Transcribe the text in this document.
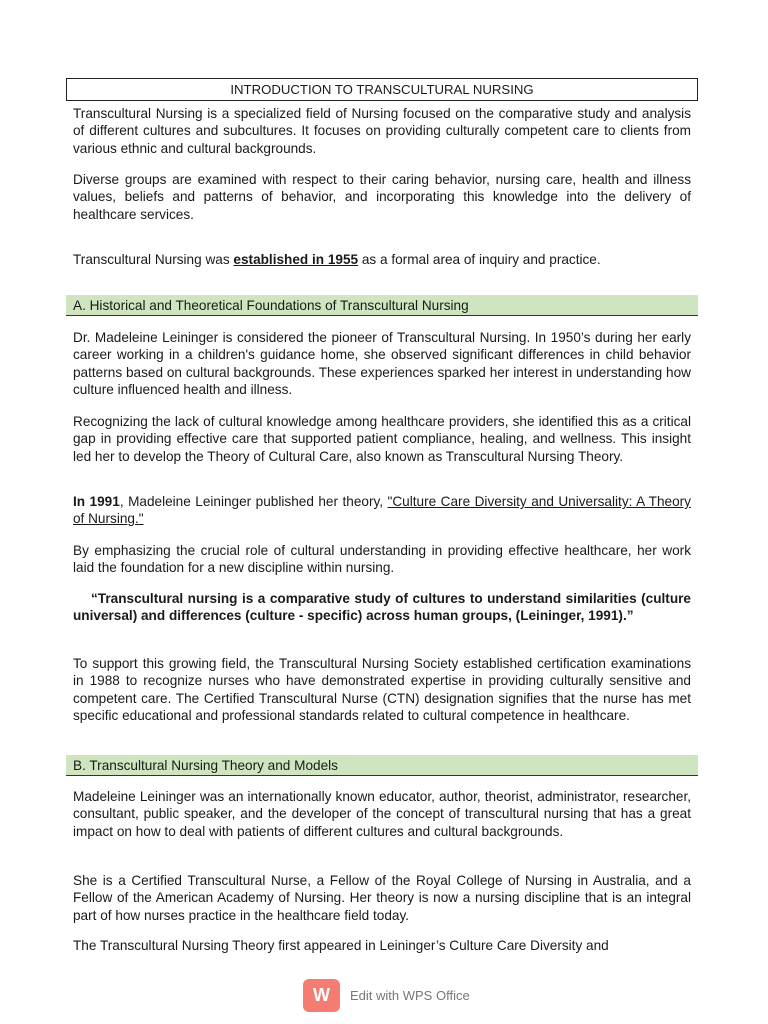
INTRODUCTION TO TRANSCULTURAL NURSING
Transcultural Nursing is a specialized field of Nursing focused on the comparative study and analysis of different cultures and subcultures. It focuses on providing culturally competent care to clients from various ethnic and cultural backgrounds.
Diverse groups are examined with respect to their caring behavior, nursing care, health and illness values, beliefs and patterns of behavior, and incorporating this knowledge into the delivery of healthcare services.
Transcultural Nursing was established in 1955 as a formal area of inquiry and practice.
A. Historical and Theoretical Foundations of Transcultural Nursing
Dr. Madeleine Leininger is considered the pioneer of Transcultural Nursing. In 1950’s during her early career working in a children's guidance home, she observed significant differences in child behavior patterns based on cultural backgrounds. These experiences sparked her interest in understanding how culture influenced health and illness.
Recognizing the lack of cultural knowledge among healthcare providers, she identified this as a critical gap in providing effective care that supported patient compliance, healing, and wellness. This insight led her to develop the Theory of Cultural Care, also known as Transcultural Nursing Theory.
In 1991, Madeleine Leininger published her theory, "Culture Care Diversity and Universality: A Theory of Nursing."
By emphasizing the crucial role of cultural understanding in providing effective healthcare, her work laid the foundation for a new discipline within nursing.
“Transcultural nursing is a comparative study of cultures to understand similarities (culture universal) and differences (culture - specific) across human groups, (Leininger, 1991).”
To support this growing field, the Transcultural Nursing Society established certification examinations in 1988 to recognize nurses who have demonstrated expertise in providing culturally sensitive and competent care. The Certified Transcultural Nurse (CTN) designation signifies that the nurse has met specific educational and professional standards related to cultural competence in healthcare.
B. Transcultural Nursing Theory and Models
Madeleine Leininger was an internationally known educator, author, theorist, administrator, researcher, consultant, public speaker, and the developer of the concept of transcultural nursing that has a great impact on how to deal with patients of different cultures and cultural backgrounds.
She is a Certified Transcultural Nurse, a Fellow of the Royal College of Nursing in Australia, and a Fellow of the American Academy of Nursing. Her theory is now a nursing discipline that is an integral part of how nurses practice in the healthcare field today.
The Transcultural Nursing Theory first appeared in Leininger’s Culture Care Diversity and
W	Edit with WPS Office
